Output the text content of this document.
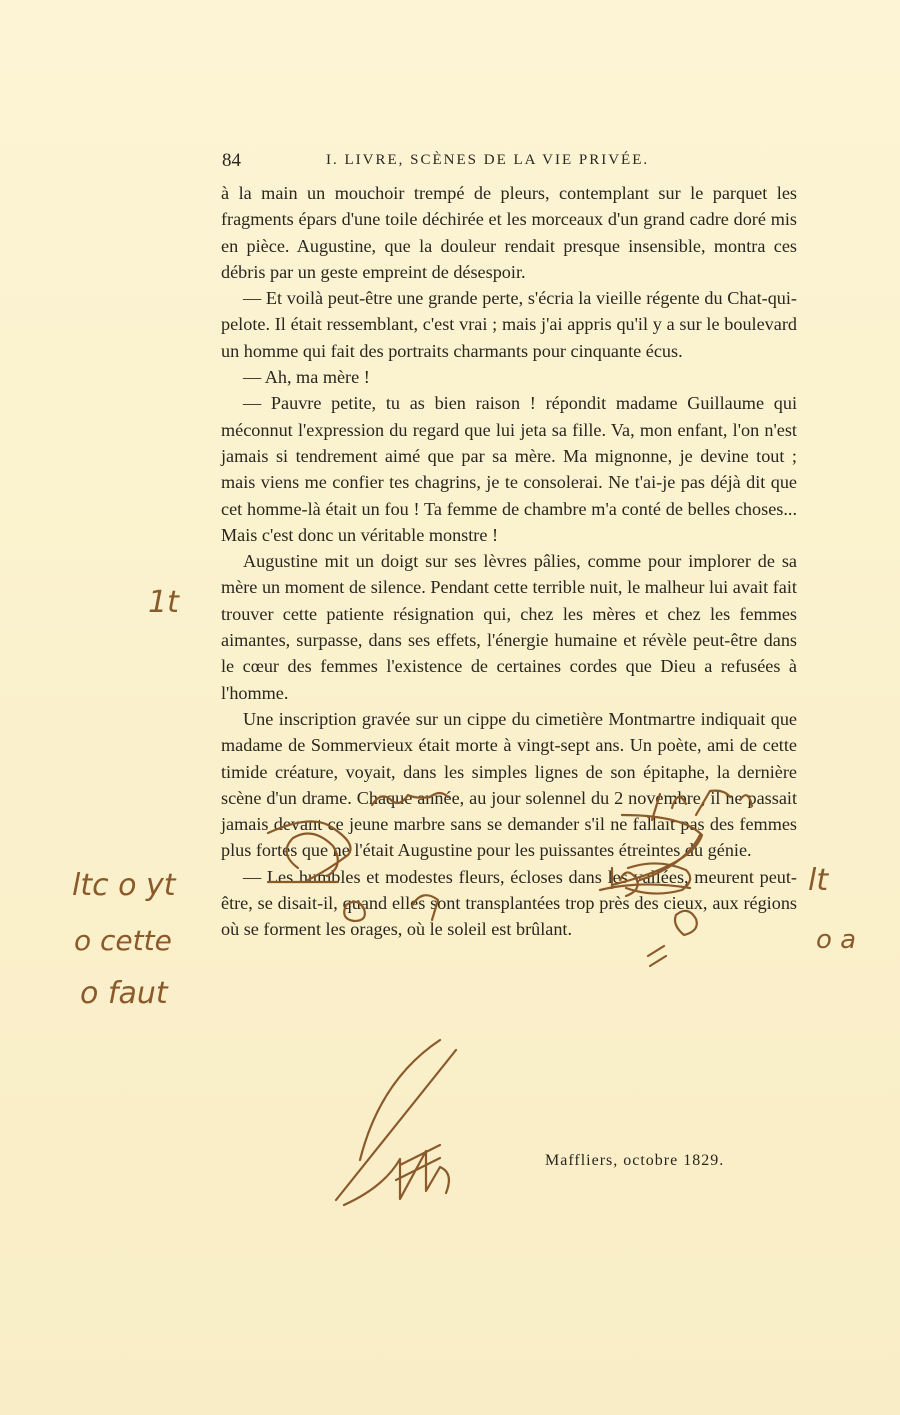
84	I. LIVRE, SCÈNES DE LA VIE PRIVÉE.

à la main un mouchoir trempé de pleurs, contemplant sur le parquet les fragments épars d'une toile déchirée et les morceaux d'un grand cadre doré mis en pièce. Augustine, que la douleur rendait presque insensible, montra ces débris par un geste empreint de désespoir.

— Et voilà peut-être une grande perte, s'écria la vieille régente du Chat-qui-pelote. Il était ressemblant, c'est vrai ; mais j'ai appris qu'il y a sur le boulevard un homme qui fait des portraits charmants pour cinquante écus.

— Ah, ma mère !

— Pauvre petite, tu as bien raison ! répondit madame Guillaume qui méconnut l'expression du regard que lui jeta sa fille. Va, mon enfant, l'on n'est jamais si tendrement aimé que par sa mère. Ma mignonne, je devine tout ; mais viens me confier tes chagrins, je te consolerai. Ne t'ai-je pas déjà dit que cet homme-là était un fou ! Ta femme de chambre m'a conté de belles choses... Mais c'est donc un véritable monstre !

Augustine mit un doigt sur ses lèvres pâlies, comme pour implorer de sa mère un moment de silence. Pendant cette terrible nuit, le malheur lui avait fait trouver cette patiente résignation qui, chez les mères et chez les femmes aimantes, surpasse, dans ses effets, l'énergie humaine et révèle peut-être dans le cœur des femmes l'existence de certaines cordes que Dieu a refusées à l'homme.

Une inscription gravée sur un cippe du cimetière Montmartre indiquait que madame de Sommervieux était morte à vingt-sept ans. Un poète, ami de cette timide créature, voyait, dans les simples lignes de son épitaphe, la dernière scène d'un drame. Chaque année, au jour solennel du 2 novembre, il ne passait jamais devant ce jeune marbre sans se demander s'il ne fallait pas des femmes plus fortes que ne l'était Augustine pour les puissantes étreintes du génie.

— Les humbles et modestes fleurs, écloses dans les vallées, meurent peut-être, se disait-il, quand elles sont transplantées trop près des cieux, aux régions où se forment les orages, où le soleil est brûlant.

Maffliers, octobre 1829.
1t
ltc o yt
o cette
o faut
lt
o a
